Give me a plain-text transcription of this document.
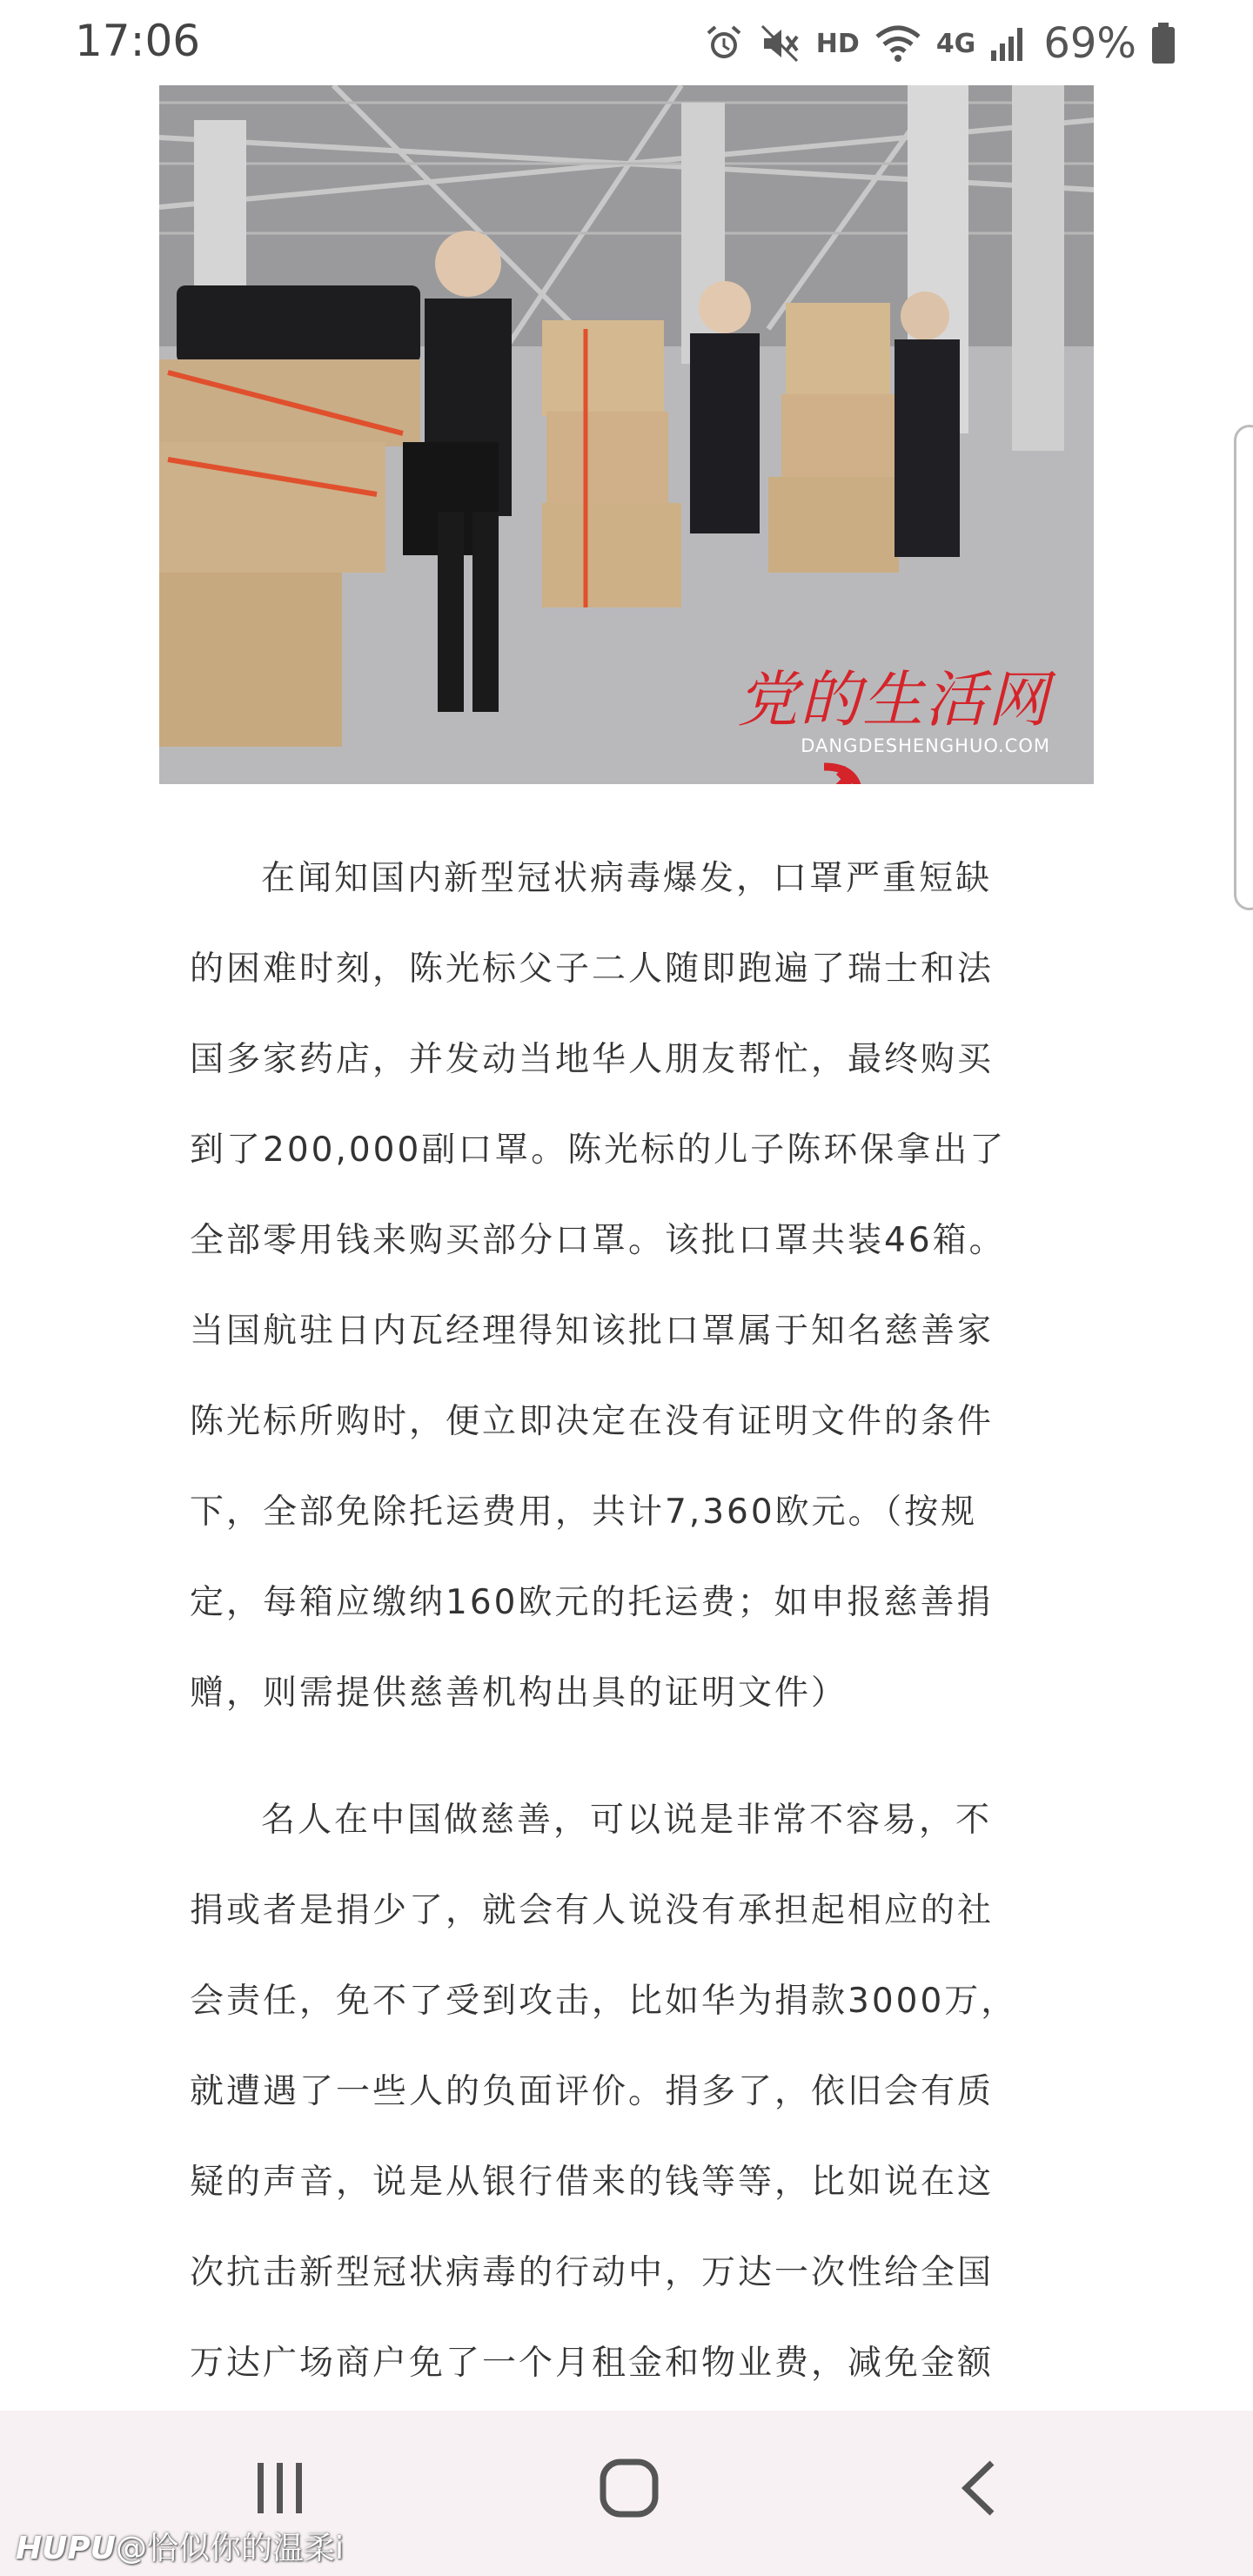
17:06	HD	4G 69%
党的生活网
DANGDESHENGHUO.COM
在闻知国内新型冠状病毒爆发，口罩严重短缺
的困难时刻，陈光标父子二人随即跑遍了瑞士和法
国多家药店，并发动当地华人朋友帮忙，最终购买
到了200,000副口罩。陈光标的儿子陈环保拿出了
全部零用钱来购买部分口罩。该批口罩共装46箱。
当国航驻日内瓦经理得知该批口罩属于知名慈善家
陈光标所购时，便立即决定在没有证明文件的条件
下，全部免除托运费用，共计7,360欧元。（按规
定，每箱应缴纳160欧元的托运费；如申报慈善捐
赠，则需提供慈善机构出具的证明文件）
名人在中国做慈善，可以说是非常不容易，不
捐或者是捐少了，就会有人说没有承担起相应的社
会责任，免不了受到攻击，比如华为捐款3000万，
就遭遇了一些人的负面评价。捐多了，依旧会有质
疑的声音，说是从银行借来的钱等等，比如说在这
次抗击新型冠状病毒的行动中，万达一次性给全国
万达广场商户免了一个月租金和物业费，减免金额
HUPU@恰似你的温柔i
